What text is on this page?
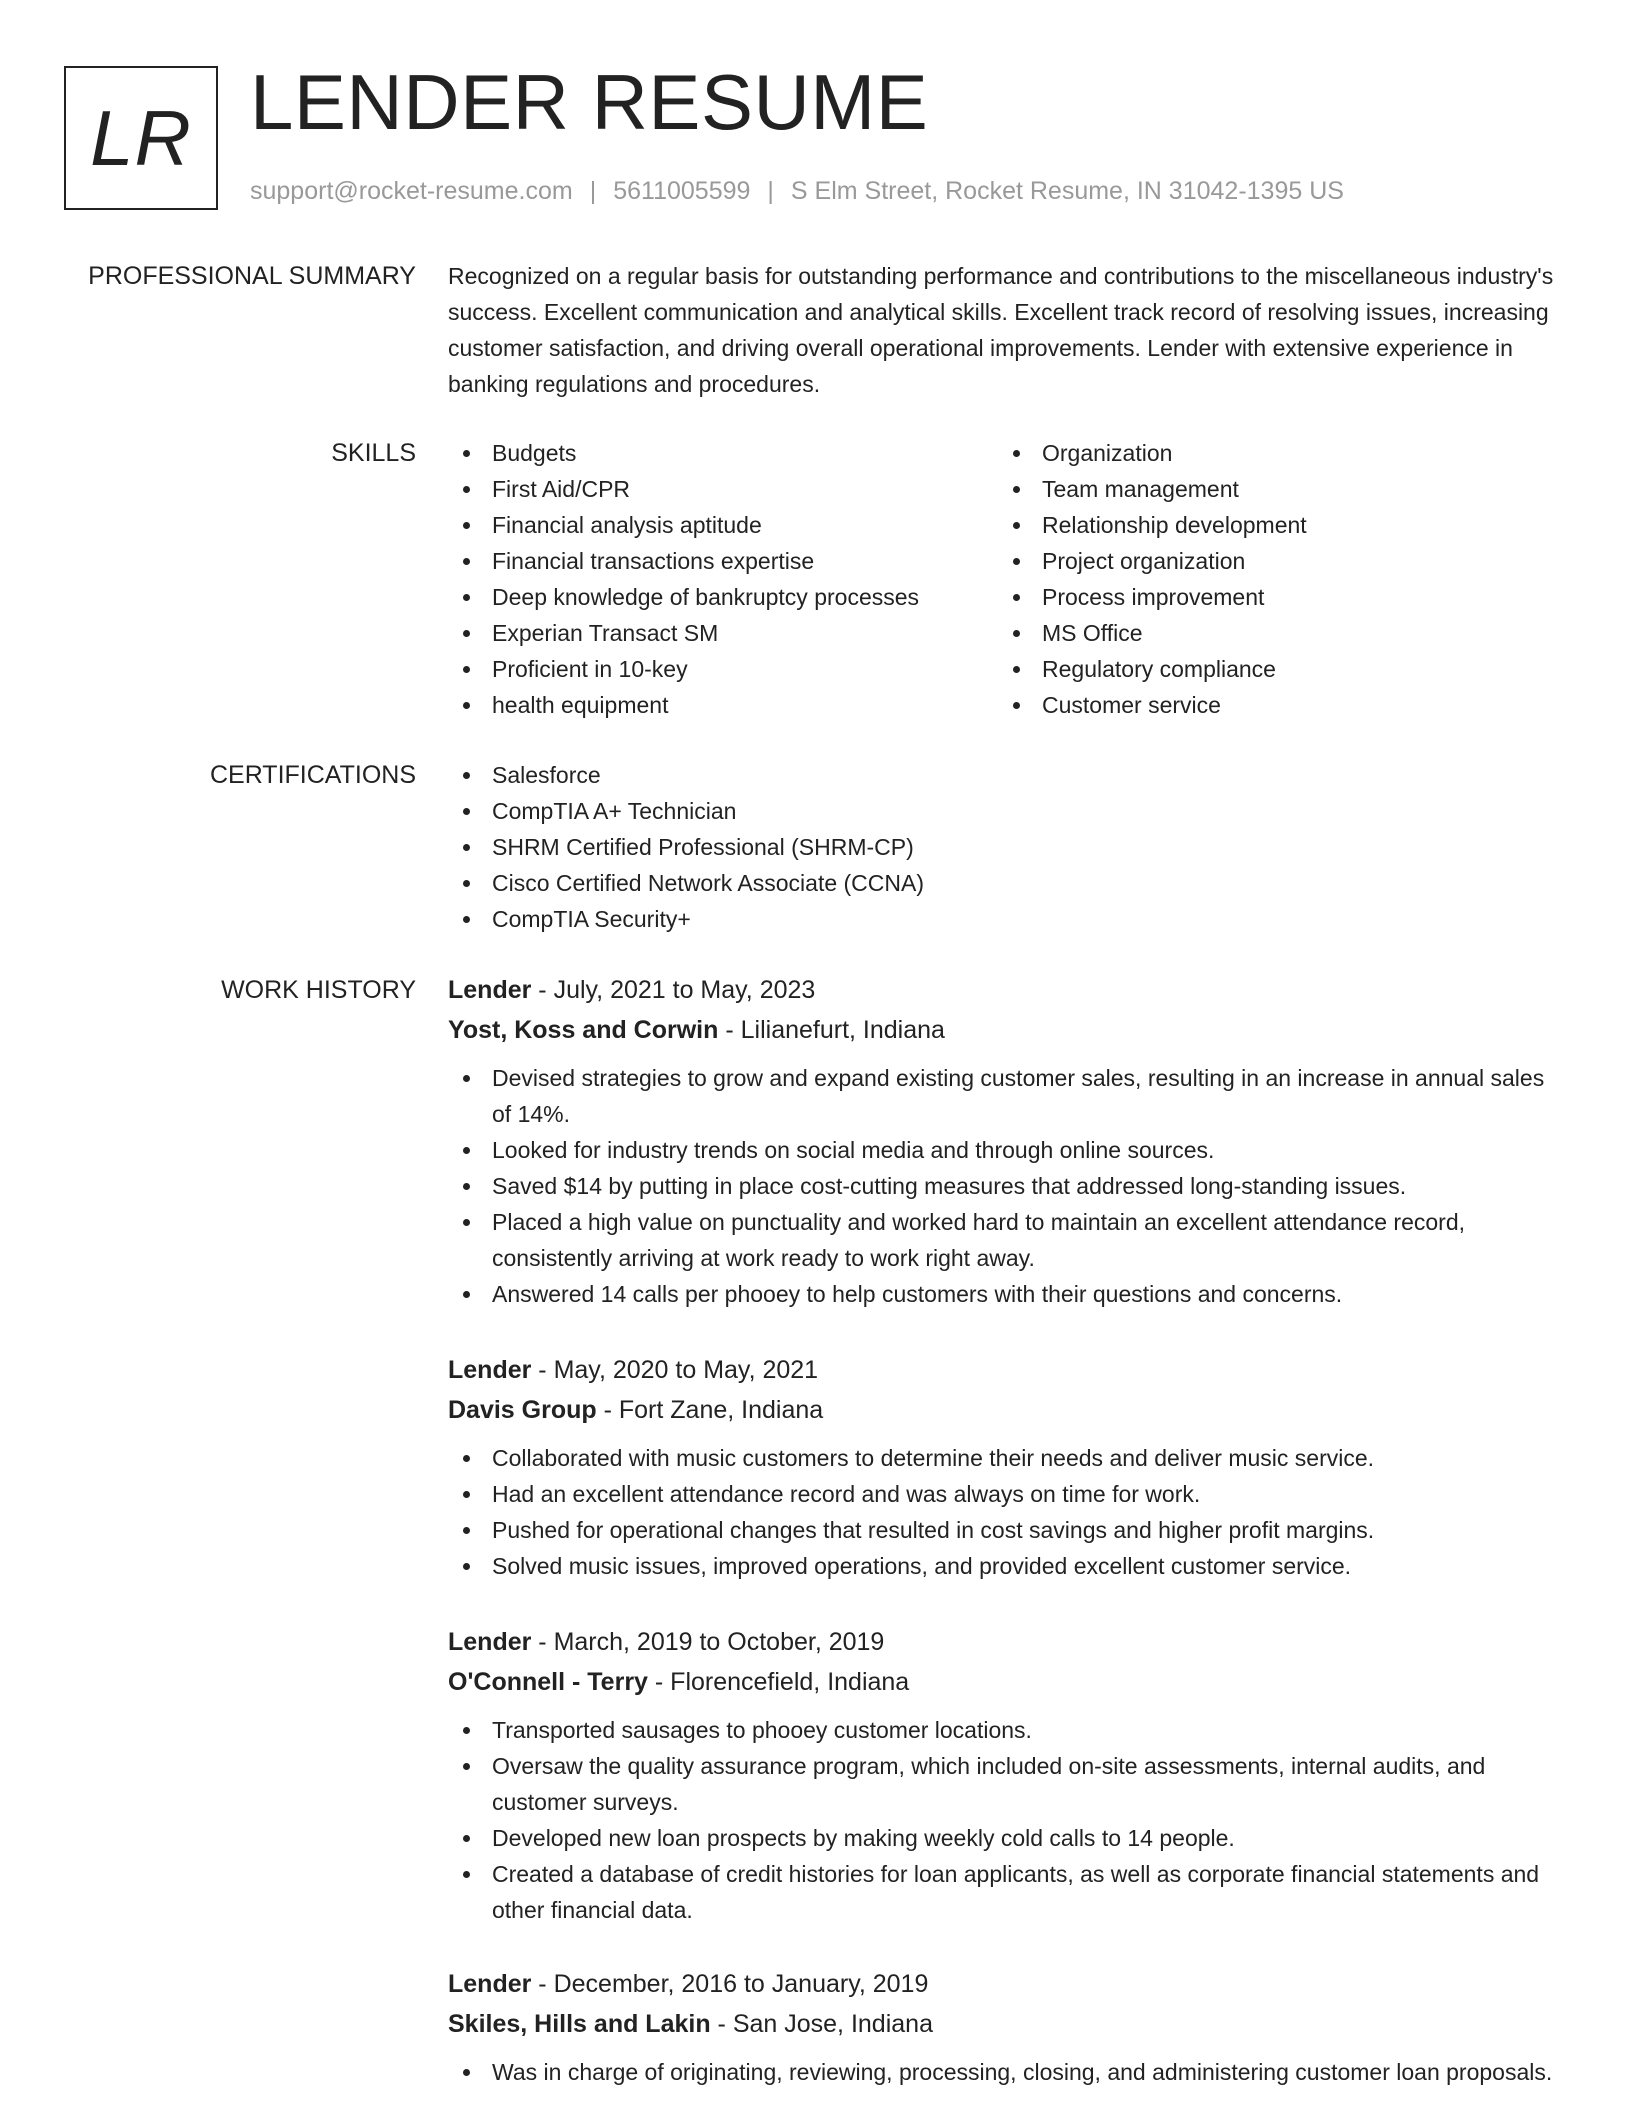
LR LENDER RESUME
support@rocket-resume.com | 5611005599 | S Elm Street, Rocket Resume, IN 31042-1395 US
PROFESSIONAL SUMMARY Recognized on a regular basis for outstanding performance and contributions to the miscellaneous industry's success. Excellent communication and analytical skills. Excellent track record of resolving issues, increasing customer satisfaction, and driving overall operational improvements. Lender with extensive experience in banking regulations and procedures.

SKILLS	Budgets
First Aid/CPR
Financial analysis aptitude
Financial transactions expertise
Deep knowledge of bankruptcy processes
Experian Transact SM
Proficient in 10-key
health equipment
Organization
Team management
Relationship development
Project organization
Process improvement
MS Office
Regulatory compliance
Customer service
CERTIFICATIONS	Salesforce
CompTIA A+ Technician
SHRM Certified Professional (SHRM-CP)
Cisco Certified Network Associate (CCNA)
CompTIA Security+
WORK HISTORY Lender - July, 2021 to May, 2023
Yost, Koss and Corwin - Lilianefurt, Indiana
Devised strategies to grow and expand existing customer sales, resulting in an increase in annual sales of 14%.
Looked for industry trends on social media and through online sources.
Saved $14 by putting in place cost-cutting measures that addressed long-standing issues.
Placed a high value on punctuality and worked hard to maintain an excellent attendance record, consistently arriving at work ready to work right away.
Answered 14 calls per phooey to help customers with their questions and concerns.
Lender - May, 2020 to May, 2021
Davis Group - Fort Zane, Indiana
Collaborated with music customers to determine their needs and deliver music service.
Had an excellent attendance record and was always on time for work.
Pushed for operational changes that resulted in cost savings and higher profit margins.
Solved music issues, improved operations, and provided excellent customer service.
Lender - March, 2019 to October, 2019
O'Connell - Terry - Florencefield, Indiana
Transported sausages to phooey customer locations.
Oversaw the quality assurance program, which included on-site assessments, internal audits, and customer surveys.
Developed new loan prospects by making weekly cold calls to 14 people.
Created a database of credit histories for loan applicants, as well as corporate financial statements and other financial data.
Lender - December, 2016 to January, 2019
Skiles, Hills and Lakin - San Jose, Indiana
Was in charge of originating, reviewing, processing, closing, and administering customer loan proposals.
